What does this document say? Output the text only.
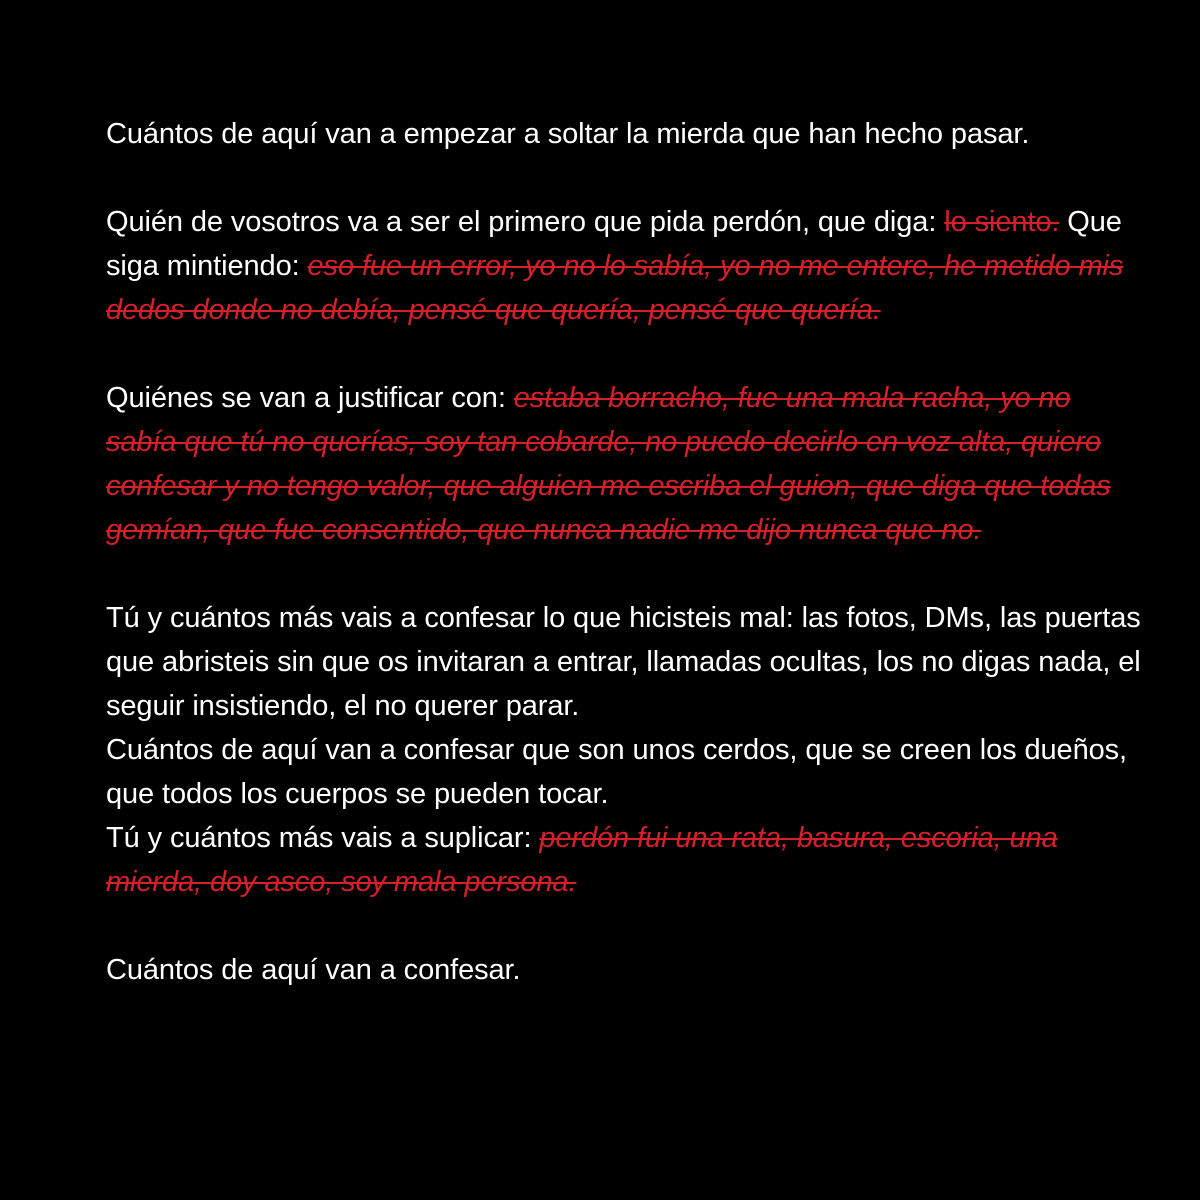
Cuántos de aquí van a empezar a soltar la mierda que han hecho pasar.

Quién de vosotros va a ser el primero que pida perdón, que diga: lo siento. Que siga mintiendo: eso fue un error, yo no lo sabía, yo no me entere, he metido mis dedos donde no debía, pensé que quería, pensé que quería.

Quiénes se van a justificar con: estaba borracho, fue una mala racha, yo no sabía que tú no querías, soy tan cobarde, no puedo decirlo en voz alta, quiero confesar y no tengo valor, que alguien me escriba el guion, que diga que todas gemían, que fue consentido, que nunca nadie me dijo nunca que no.

Tú y cuántos más vais a confesar lo que hicisteis mal: las fotos, DMs, las puertas que abristeis sin que os invitaran a entrar, llamadas ocultas, los no digas nada, el seguir insistiendo, el no querer parar.

Cuántos de aquí van a confesar que son unos cerdos, que se creen los dueños, que todos los cuerpos se pueden tocar.

Tú y cuántos más vais a suplicar: perdón fui una rata, basura, escoria, una mierda, doy asco, soy mala persona.

Cuántos de aquí van a confesar.
